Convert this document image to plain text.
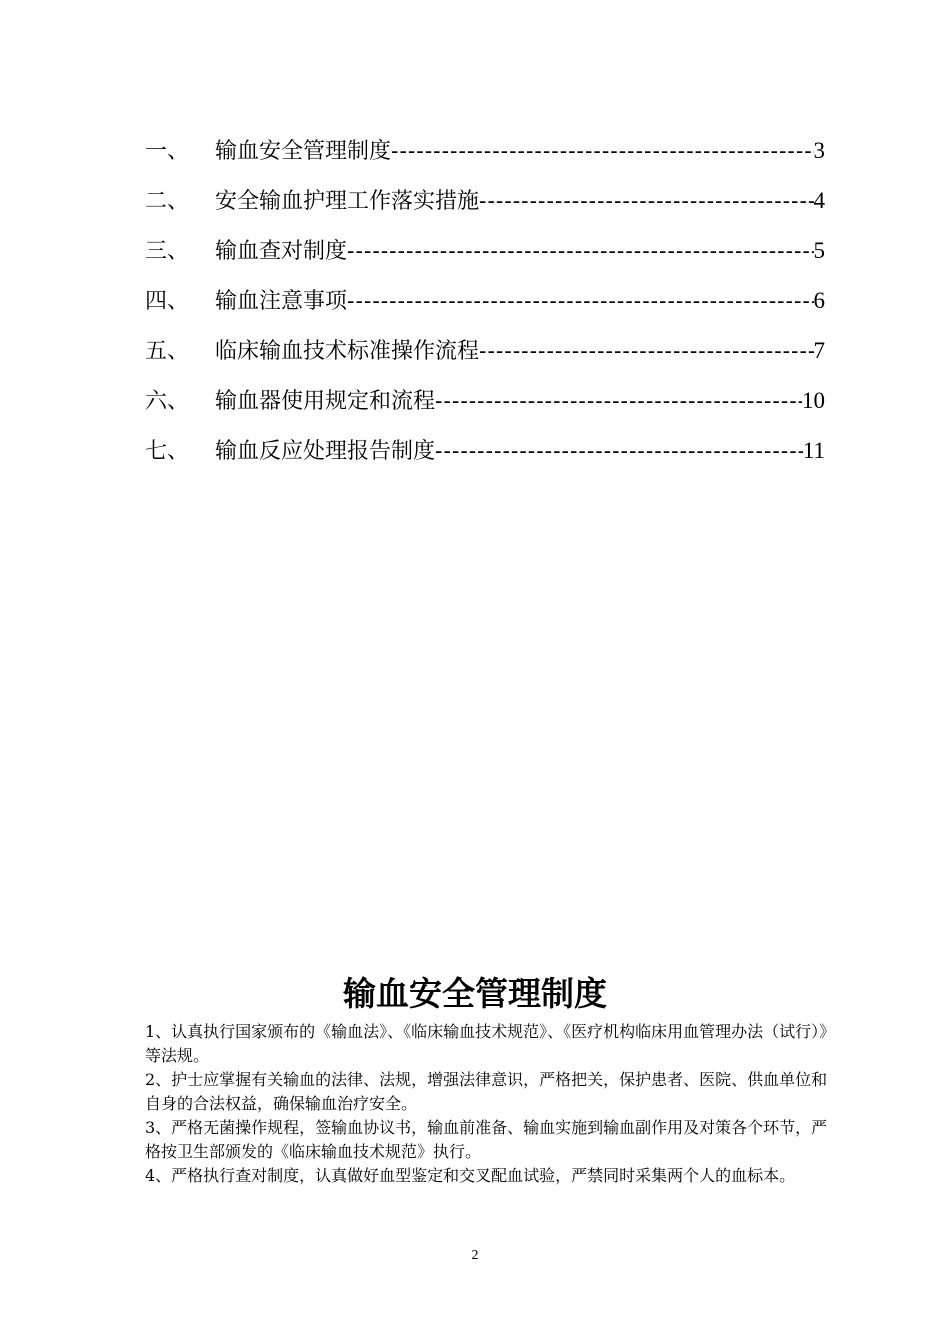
一、	输血安全管理制度 -----	3
二、	安全输血护理工作落实措施 -----	4
三、	输血查对制度 -----	5
四、	输血注意事项 -----	6
五、	临床输血技术标准操作流程 -----	7
六、	输血器使用规定和流程 -----	10
七、	输血反应处理报告制度 -----	11
输血安全管理制度

1、认真执行国家颁布的《输血法》、《临床输血技术规范》、《医疗机构临床用血管理办法（试行）》等法规。

2、护士应掌握有关输血的法律、法规，增强法律意识，严格把关，保护患者、医院、供血单位和自身的合法权益，确保输血治疗安全。

3、严格无菌操作规程，签输血协议书，输血前准备、输血实施到输血副作用及对策各个环节，严格按卫生部颁发的《临床输血技术规范》执行。

4、严格执行查对制度，认真做好血型鉴定和交叉配血试验，严禁同时采集两个人的血标本。

2
